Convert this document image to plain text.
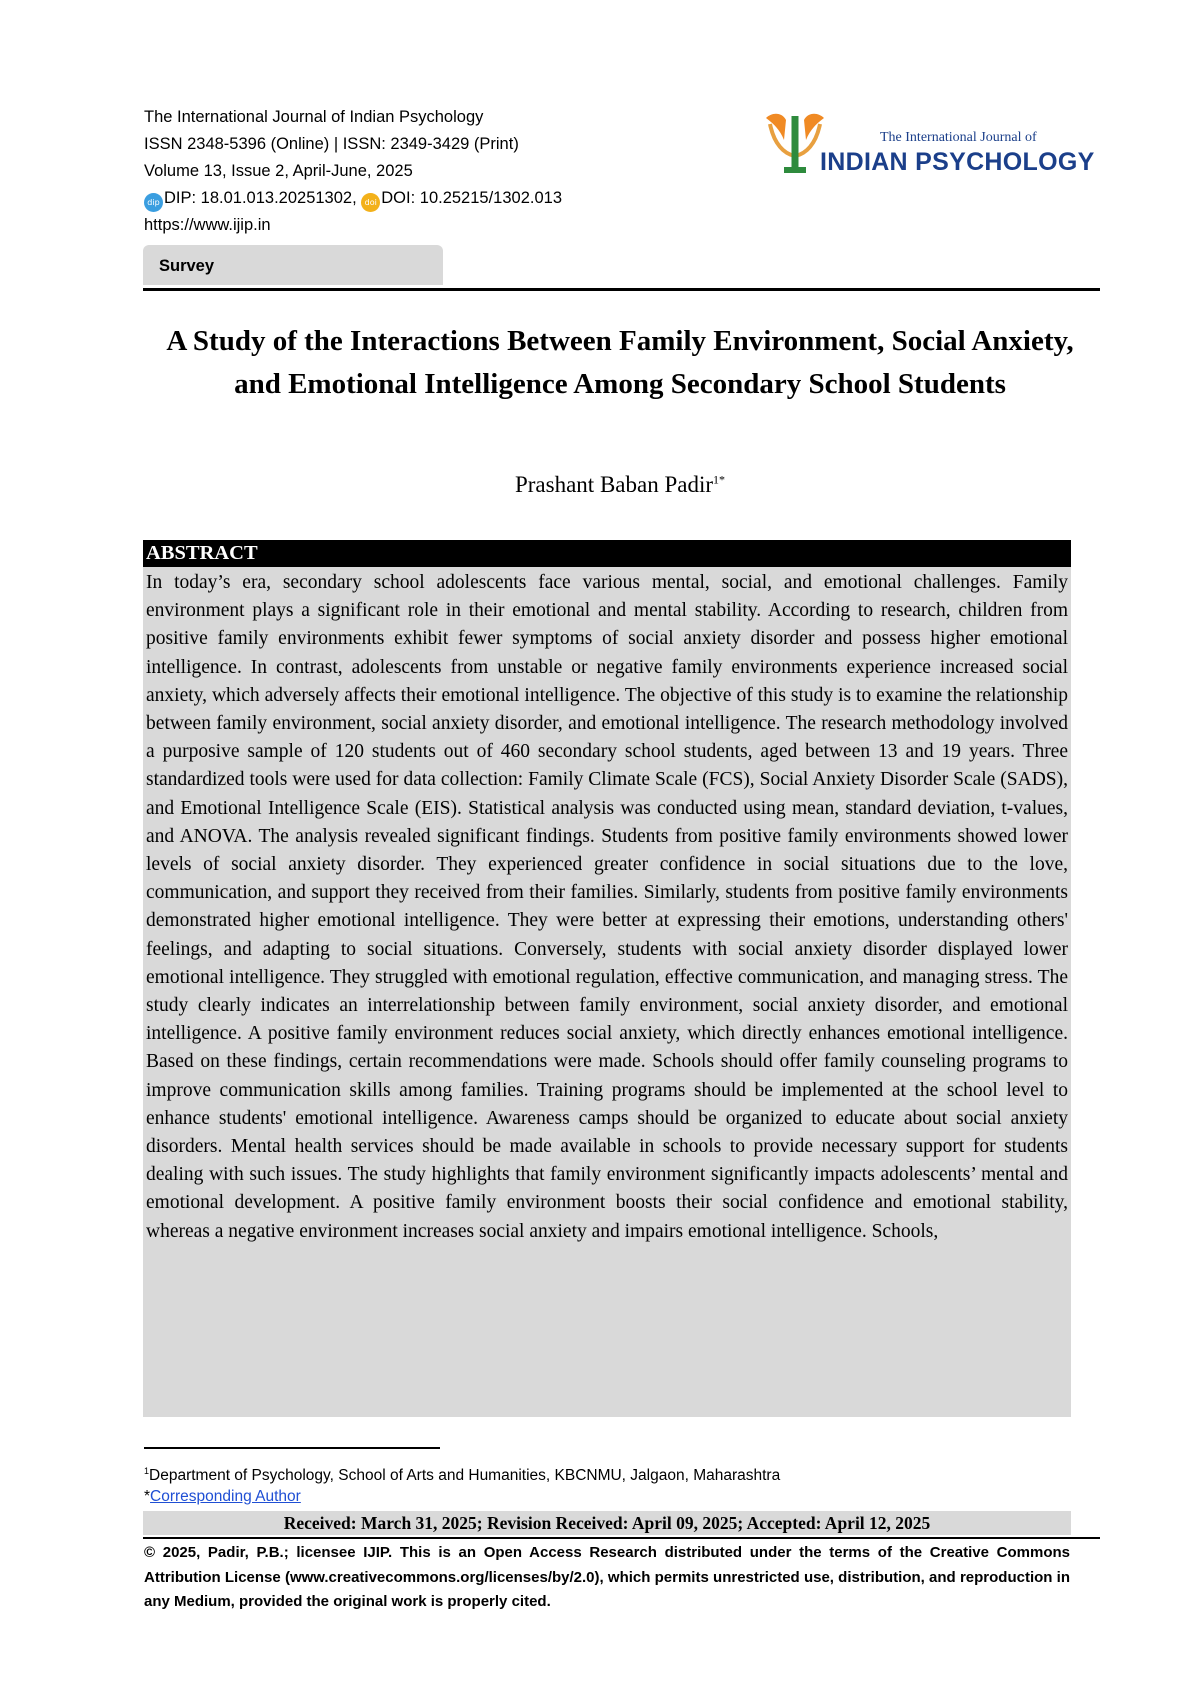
The International Journal of Indian Psychology
ISSN 2348-5396 (Online) | ISSN: 2349-3429 (Print)
Volume 13, Issue 2, April-June, 2025
dip DIP: 18.01.013.20251302, doi DOI: 10.25215/1302.013
https://www.ijip.in
The International Journal of
INDIAN PSYCHOLOGY
Survey
A Study of the Interactions Between Family Environment, Social Anxiety, and Emotional Intelligence Among Secondary School Students
Prashant Baban Padir$^{1*}$
ABSTRACT
In today’s era, secondary school adolescents face various mental, social, and emotional challenges. Family environment plays a significant role in their emotional and mental stability. According to research, children from positive family environments exhibit fewer symptoms of social anxiety disorder and possess higher emotional intelligence. In contrast, adolescents from unstable or negative family environments experience increased social anxiety, which adversely affects their emotional intelligence. The objective of this study is to examine the relationship between family environment, social anxiety disorder, and emotional intelligence. The research methodology involved a purposive sample of 120 students out of 460 secondary school students, aged between 13 and 19 years. Three standardized tools were used for data collection: Family Climate Scale (FCS), Social Anxiety Disorder Scale (SADS), and Emotional Intelligence Scale (EIS). Statistical analysis was conducted using mean, standard deviation, t-values, and ANOVA. The analysis revealed significant findings. Students from positive family environments showed lower levels of social anxiety disorder. They experienced greater confidence in social situations due to the love, communication, and support they received from their families. Similarly, students from positive family environments demonstrated higher emotional intelligence. They were better at expressing their emotions, understanding others' feelings, and adapting to social situations. Conversely, students with social anxiety disorder displayed lower emotional intelligence. They struggled with emotional regulation, effective communication, and managing stress. The study clearly indicates an interrelationship between family environment, social anxiety disorder, and emotional intelligence. A positive family environment reduces social anxiety, which directly enhances emotional intelligence. Based on these findings, certain recommendations were made. Schools should offer family counseling programs to improve communication skills among families. Training programs should be implemented at the school level to enhance students' emotional intelligence. Awareness camps should be organized to educate about social anxiety disorders. Mental health services should be made available in schools to provide necessary support for students dealing with such issues. The study highlights that family environment significantly impacts adolescents’ mental and emotional development. A positive family environment boosts their social confidence and emotional stability, whereas a negative environment increases social anxiety and impairs emotional intelligence. Schools,
$^1$Department of Psychology, School of Arts and Humanities, KBCNMU, Jalgaon, Maharashtra
*Corresponding Author
Received: March 31, 2025; Revision Received: April 09, 2025; Accepted: April 12, 2025
© 2025, Padir, P.B.; licensee IJIP. This is an Open Access Research distributed under the terms of the Creative Commons Attribution License (www.creativecommons.org/licenses/by/2.0), which permits unrestricted use, distribution, and reproduction in any Medium, provided the original work is properly cited.
